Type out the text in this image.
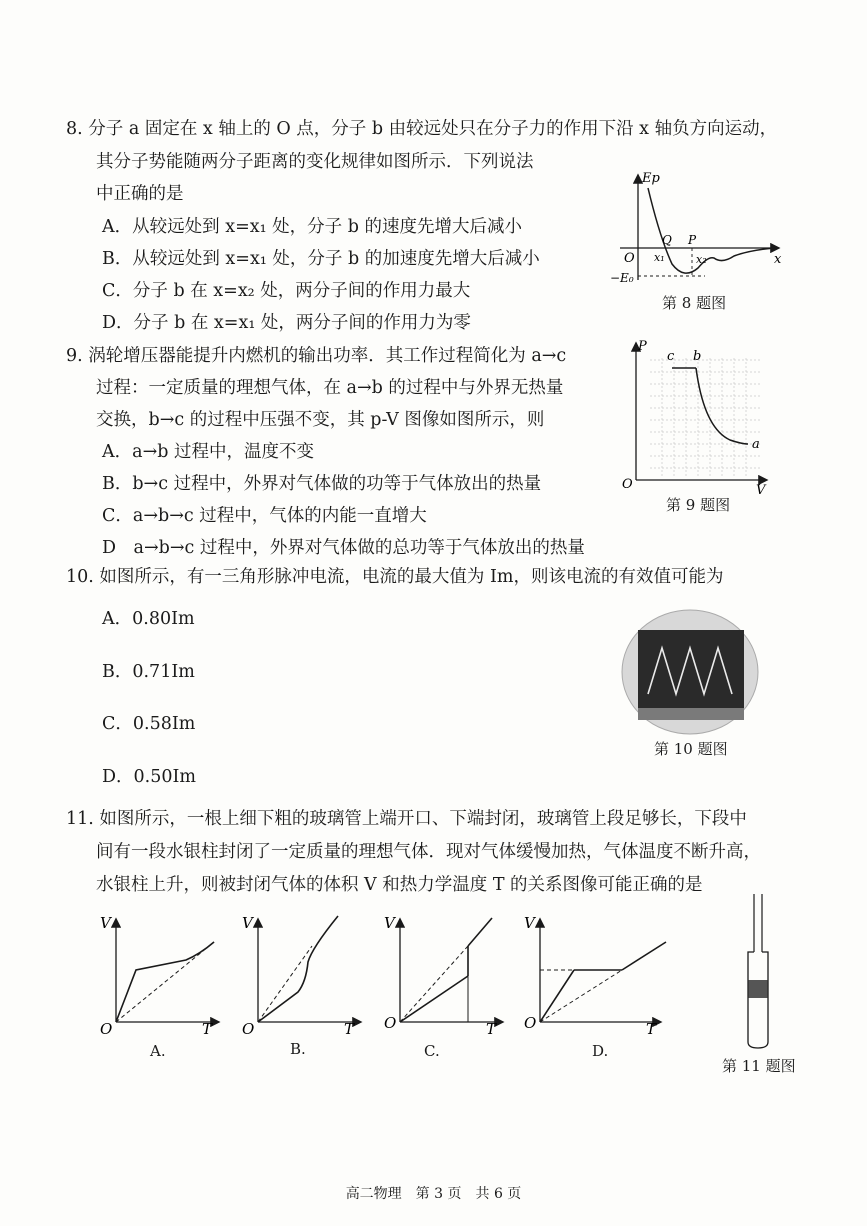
8. 分子 a 固定在 x 轴上的 O 点，分子 b 由较远处只在分子力的作用下沿 x 轴负方向运动，
其分子势能随两分子距离的变化规律如图所示．下列说法
中正确的是
A．从较远处到 x=x₁ 处，分子 b 的速度先增大后减小
B．从较远处到 x=x₁ 处，分子 b 的加速度先增大后减小
C．分子 b 在 x=x₂ 处，两分子间的作用力最大
D．分子 b 在 x=x₁ 处，两分子间的作用力为零
Ep
x
O
−E₀
Q P
x₁	x₂
第 8 题图
9. 涡轮增压器能提升内燃机的输出功率．其工作过程简化为 a→c
过程：一定质量的理想气体，在 a→b 的过程中与外界无热量
交换，b→c 的过程中压强不变，其 p-V 图像如图所示，则
A．a→b 过程中，温度不变
B．b→c 过程中，外界对气体做的功等于气体放出的热量
C．a→b→c 过程中，气体的内能一直增大
D　a→b→c 过程中，外界对气体做的总功等于气体放出的热量
P
c b
a
O	V
第 9 题图
10. 如图所示，有一三角形脉冲电流，电流的最大值为 Im，则该电流的有效值可能为
A．0.80Im
B．0.71Im
C．0.58Im
D．0.50Im
第 10 题图
11. 如图所示，一根上细下粗的玻璃管上端开口、下端封闭，玻璃管上段足够长，下段中
间有一段水银柱封闭了一定质量的理想气体．现对气体缓慢加热，气体温度不断升高，
水银柱上升，则被封闭气体的体积 V 和热力学温度 T 的关系图像可能正确的是
V
T
O
A.
V
T
O
B.
V
T
O
C.
V
T
O
D.
第 11 题图
高二物理　第 3 页　共 6 页
